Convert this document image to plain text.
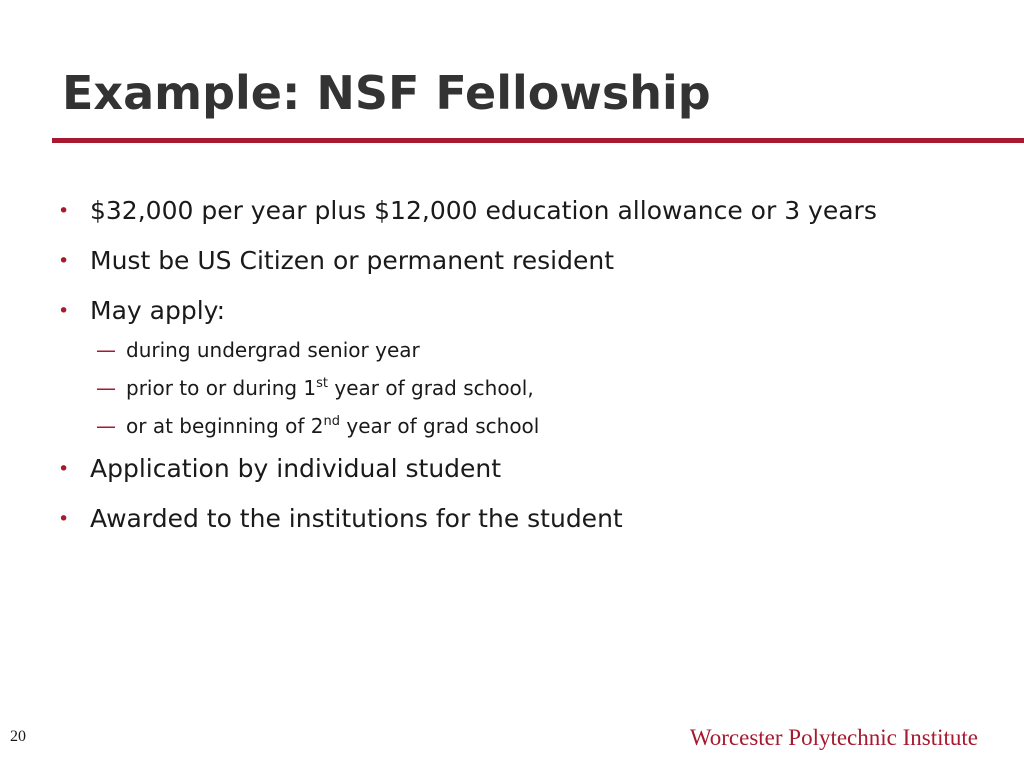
Example: NSF Fellowship
• $32,000 per year plus $12,000 education allowance or 3 years
• Must be US Citizen or permanent resident
• May apply:
— during undergrad senior year
— prior to or during 1st year of grad school,
— or at beginning of 2nd year of grad school
• Application by individual student
• Awarded to the institutions for the student
20	Worcester Polytechnic Institute
